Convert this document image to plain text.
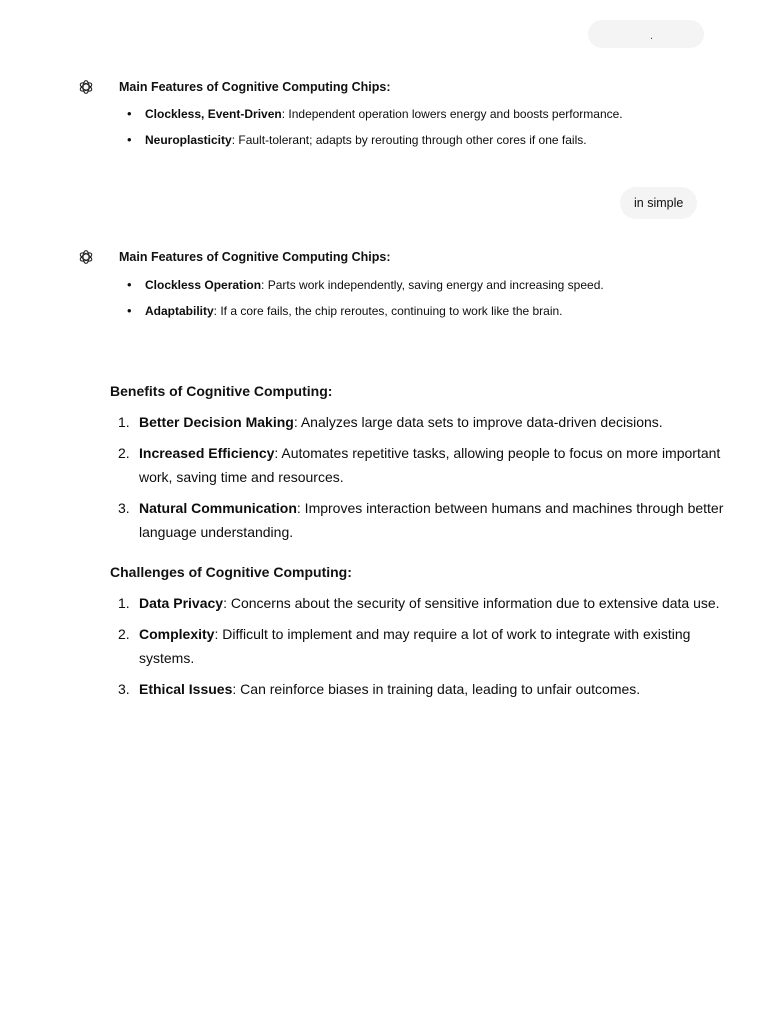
.
Main Features of Cognitive Computing Chips:
• Clockless, Event-Driven: Independent operation lowers energy and boosts performance.
• Neuroplasticity: Fault-tolerant; adapts by rerouting through other cores if one fails.
in simple
Main Features of Cognitive Computing Chips:
• Clockless Operation: Parts work independently, saving energy and increasing speed.
• Adaptability: If a core fails, the chip reroutes, continuing to work like the brain.
Benefits of Cognitive Computing:
1. Better Decision Making: Analyzes large data sets to improve data-driven decisions.
2. Increased Efficiency: Automates repetitive tasks, allowing people to focus on more important work, saving time and resources.
3. Natural Communication: Improves interaction between humans and machines through better language understanding.
Challenges of Cognitive Computing:
1. Data Privacy: Concerns about the security of sensitive information due to extensive data use.
2. Complexity: Difficult to implement and may require a lot of work to integrate with existing systems.
3. Ethical Issues: Can reinforce biases in training data, leading to unfair outcomes.
